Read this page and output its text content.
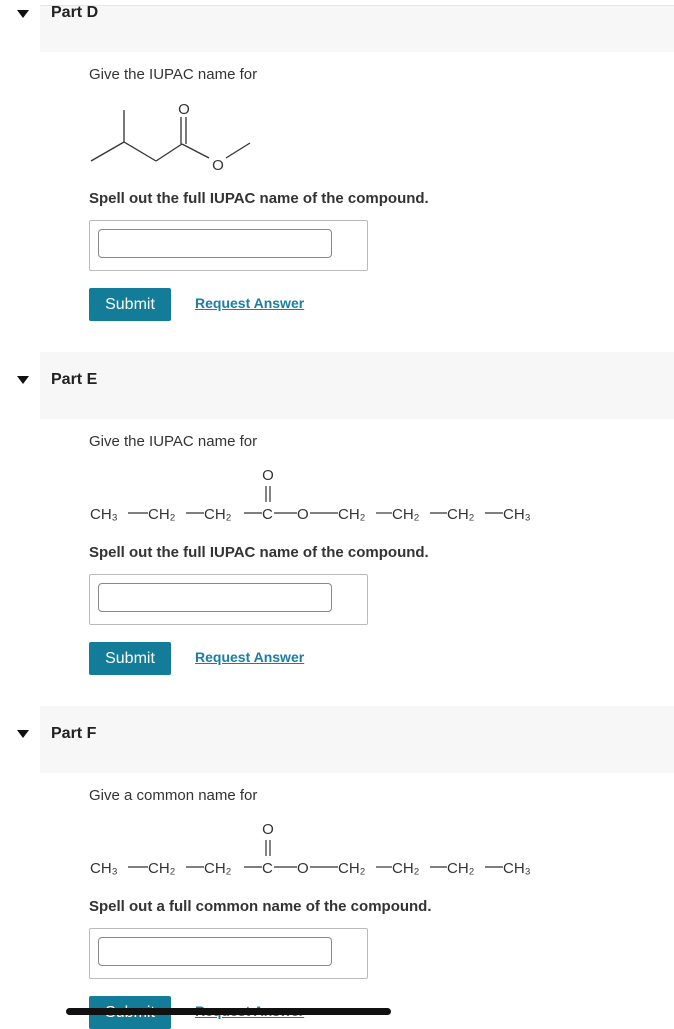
Part D
Give the IUPAC name for
O
O
Spell out the full IUPAC name of the compound.
Submit	Request Answer
Part E
Give the IUPAC name for
O
CH₃ CH₂ CH₂ C O CH₂ CH₂ CH₂ CH₃
Spell out the full IUPAC name of the compound.
Submit	Request Answer
Part F
Give a common name for
O
CH₃ CH₂ CH₂ C O CH₂ CH₂ CH₂ CH₃
Spell out a full common name of the compound.
